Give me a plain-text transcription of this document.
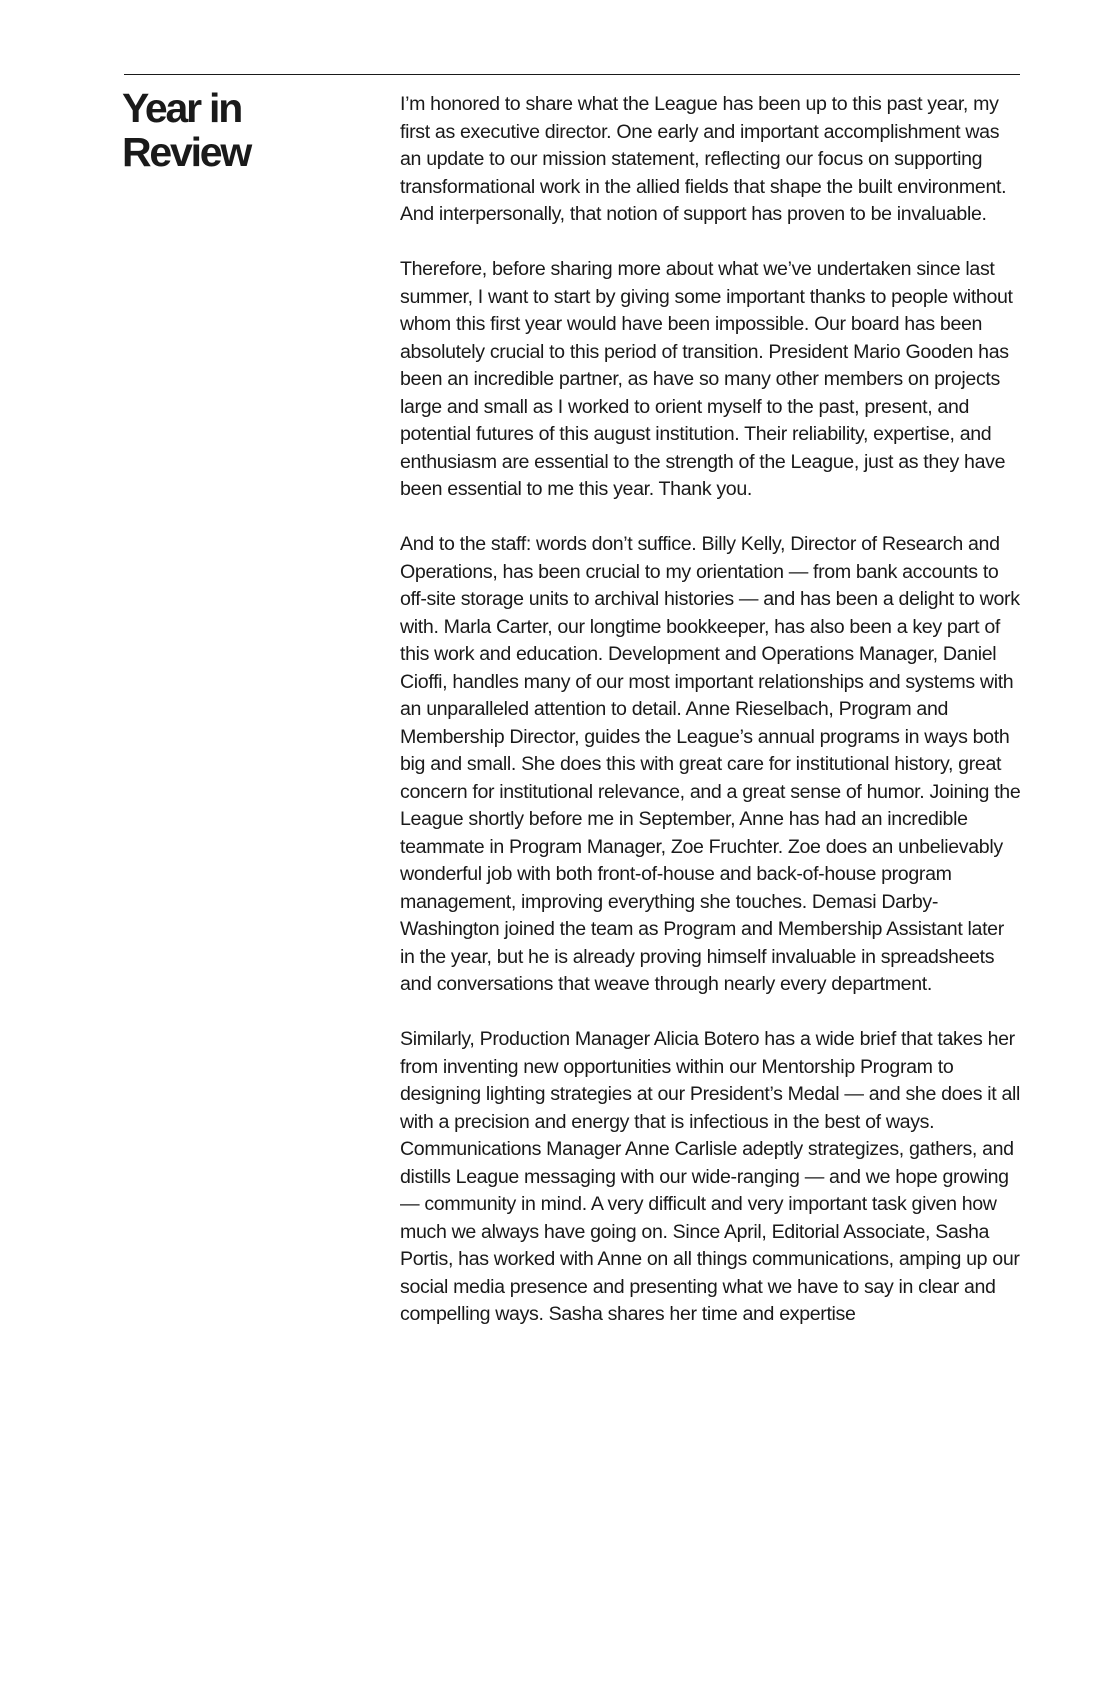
Year in
Review

I’m honored to share what the League has been up to this past year, my first as executive director. One early and important accomplishment was an update to our mission statement, reflecting our focus on supporting transformational work in the allied fields that shape the built environment. And interpersonally, that notion of support has proven to be invaluable.

Therefore, before sharing more about what we’ve undertaken since last summer, I want to start by giving some important thanks to people without whom this first year would have been impossible. Our board has been absolutely crucial to this period of transition. President Mario Gooden has been an incredible partner, as have so many other members on projects large and small as I worked to orient myself to the past, present, and potential futures of this august institution. Their reliability, expertise, and enthusiasm are essential to the strength of the League, just as they have been essential to me this year. Thank you.

And to the staff: words don’t suffice. Billy Kelly, Director of Research and Operations, has been crucial to my orientation — from bank accounts to off-site storage units to archival histories — and has been a delight to work with. Marla Carter, our longtime bookkeeper, has also been a key part of this work and education. Development and Operations Manager, Daniel Cioffi, handles many of our most important relationships and systems with an unparalleled attention to detail. Anne Rieselbach, Program and Membership Director, guides the League’s annual programs in ways both big and small. She does this with great care for institutional history, great concern for institutional relevance, and a great sense of humor. Joining the League shortly before me in September, Anne has had an incredible teammate in Program Manager, Zoe Fruchter. Zoe does an unbelievably wonderful job with both front-of-house and back-of-house program management, improving everything she touches. Demasi Darby-Washington joined the team as Program and Membership Assistant later in the year, but he is already proving himself invaluable in spreadsheets and conversations that weave through nearly every department.

Similarly, Production Manager Alicia Botero has a wide brief that takes her from inventing new opportunities within our Mentorship Program to designing lighting strategies at our President’s Medal — and she does it all with a precision and energy that is infectious in the best of ways. Communications Manager Anne Carlisle adeptly strategizes, gathers, and distills League messaging with our wide-ranging — and we hope growing — community in mind. A very difficult and very important task given how much we always have going on. Since April, Editorial Associate, Sasha Portis, has worked with Anne on all things communications, amping up our social media presence and presenting what we have to say in clear and compelling ways. Sasha shares her time and expertise
